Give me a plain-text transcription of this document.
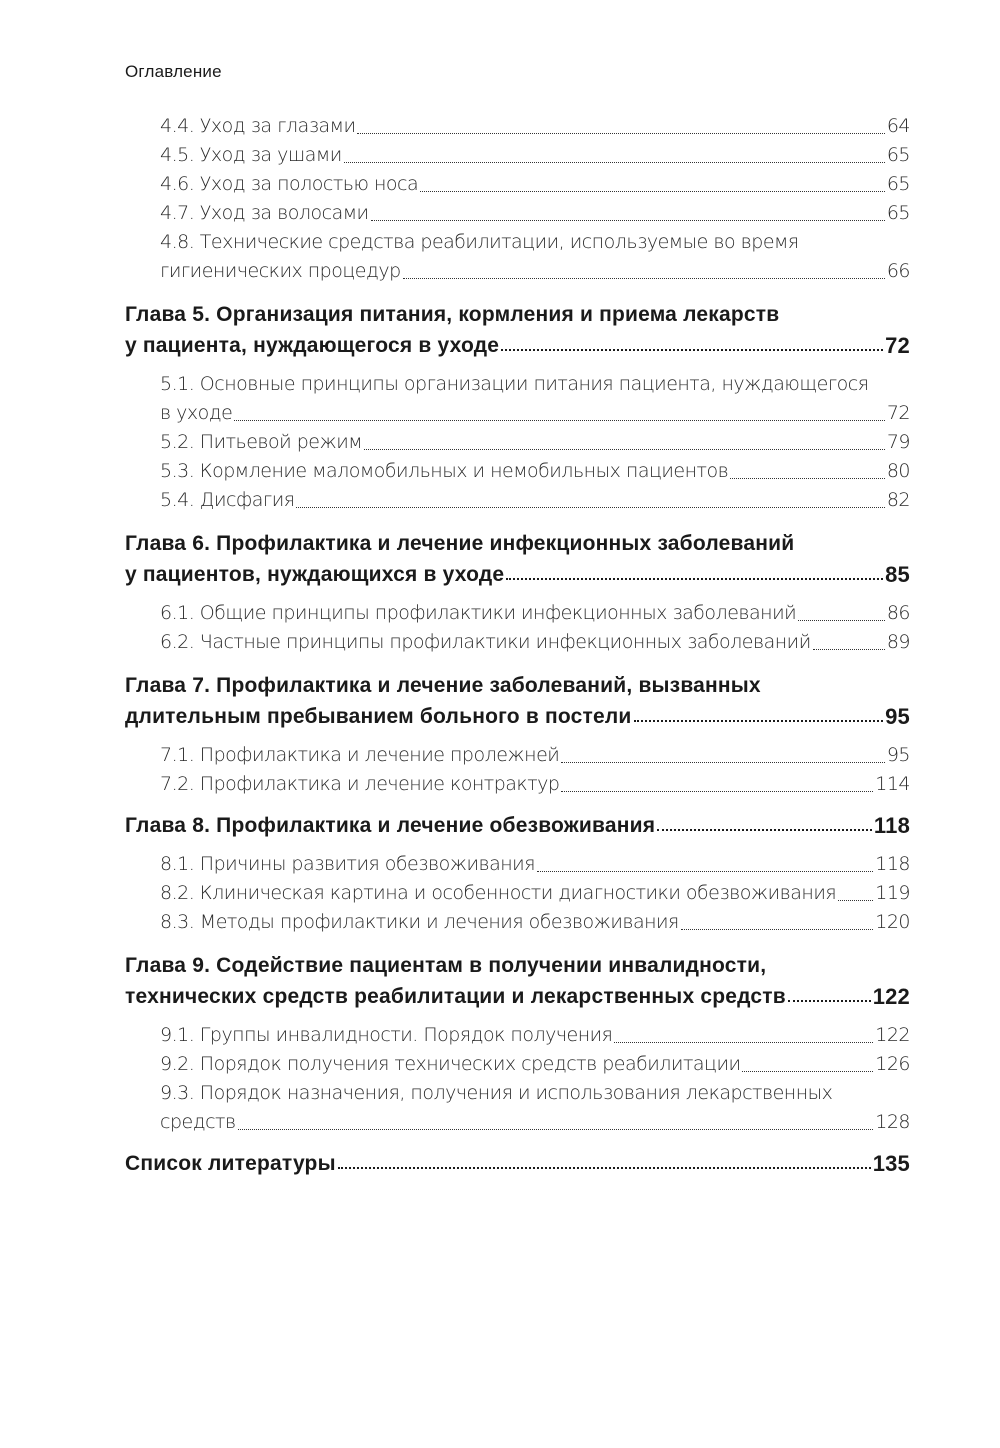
Оглавление
4.4. Уход за глазами	64
4.5. Уход за ушами	65
4.6. Уход за полостью носа	65
4.7. Уход за волосами	65
4.8. Технические средства реабилитации, используемые во время
гигиенических процедур	66
Глава 5. Организация питания, кормления и приема лекарств
у пациента, нуждающегося в уходе	72
5.1. Основные принципы организации питания пациента, нуждающегося
в уходе	72
5.2. Питьевой режим	79
5.3. Кормление маломобильных и немобильных пациентов	80
5.4. Дисфагия	82
Глава 6. Профилактика и лечение инфекционных заболеваний
у пациентов, нуждающихся в уходе	85
6.1. Общие принципы профилактики инфекционных заболеваний	86
6.2. Частные принципы профилактики инфекционных заболеваний	89
Глава 7. Профилактика и лечение заболеваний, вызванных
длительным пребыванием больного в постели	95
7.1. Профилактика и лечение пролежней	95
7.2. Профилактика и лечение контрактур	114
Глава 8. Профилактика и лечение обезвоживания	118
8.1. Причины развития обезвоживания	118
8.2. Клиническая картина и особенности диагностики обезвоживания 119
8.3. Методы профилактики и лечения обезвоживания	120
Глава 9. Содействие пациентам в получении инвалидности,
технических средств реабилитации и лекарственных средств	122
9.1. Группы инвалидности. Порядок получения	122
9.2. Порядок получения технических средств реабилитации	126
9.3. Порядок назначения, получения и использования лекарственных
средств	128
Список литературы	135
